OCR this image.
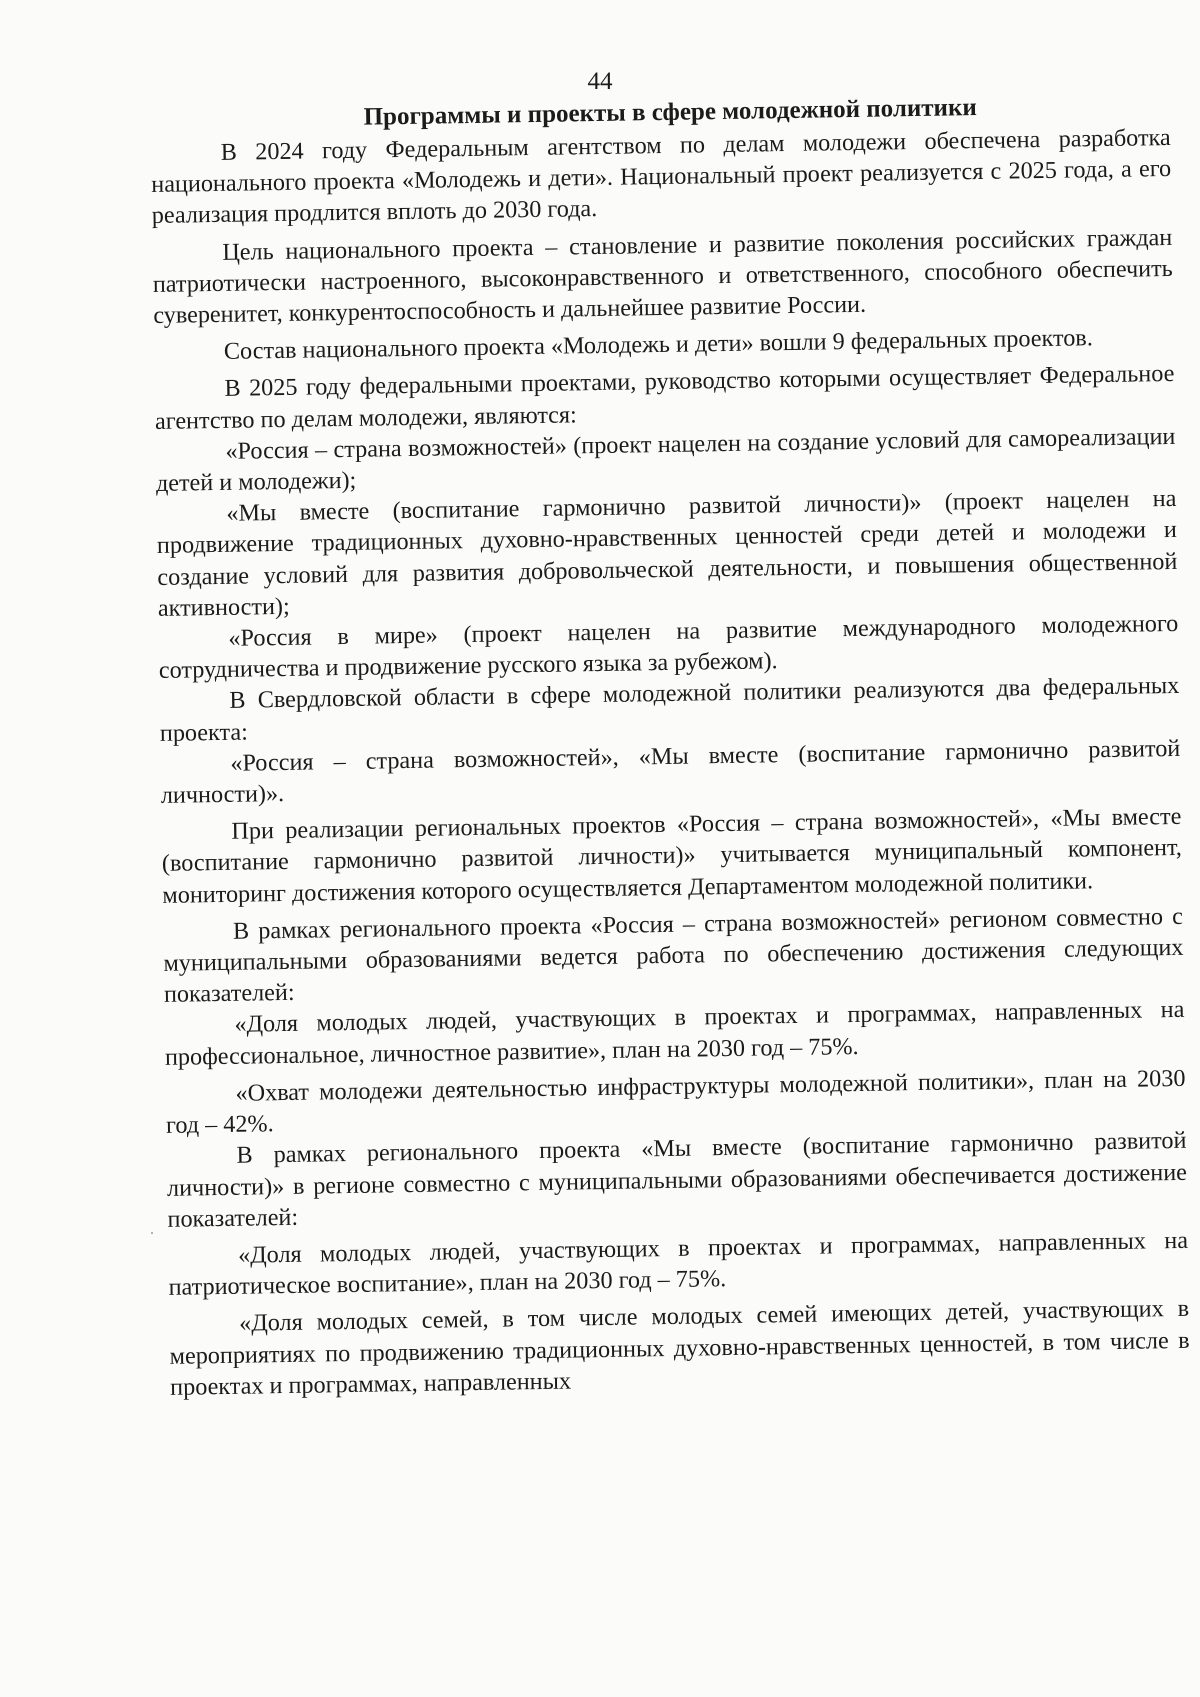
44
Программы и проекты в сфере молодежной политики

В 2024 году Федеральным агентством по делам молодежи обеспечена разработка национального проекта «Молодежь и дети». Национальный проект реализуется с 2025 года, а его реализация продлится вплоть до 2030 года.

Цель национального проекта – становление и развитие поколения российских граждан патриотически настроенного, высоконравственного и ответственного, способного обеспечить суверенитет, конкурентоспособность и дальнейшее развитие России.

Состав национального проекта «Молодежь и дети» вошли 9 федеральных проектов.

В 2025 году федеральными проектами, руководство которыми осуществляет Федеральное агентство по делам молодежи, являются:

«Россия – страна возможностей» (проект нацелен на создание условий для самореализации детей и молодежи);

«Мы вместе (воспитание гармонично развитой личности)» (проект нацелен на продвижение традиционных духовно-нравственных ценностей среди детей и молодежи и создание условий для развития добровольческой деятельности, и повышения общественной активности);

«Россия в мире» (проект нацелен на развитие международного молодежного сотрудничества и продвижение русского языка за рубежом).

В Свердловской области в сфере молодежной политики реализуются два федеральных проекта:

«Россия – страна возможностей», «Мы вместе (воспитание гармонично развитой личности)».

При реализации региональных проектов «Россия – страна возможностей», «Мы вместе (воспитание гармонично развитой личности)» учитывается муниципальный компонент, мониторинг достижения которого осуществляется Департаментом молодежной политики.

В рамках регионального проекта «Россия – страна возможностей» регионом совместно с муниципальными образованиями ведется работа по обеспечению достижения следующих показателей:

«Доля молодых людей, участвующих в проектах и программах, направленных на профессиональное, личностное развитие», план на 2030 год – 75%.

«Охват молодежи деятельностью инфраструктуры молодежной политики», план на 2030 год – 42%.

В рамках регионального проекта «Мы вместе (воспитание гармонично развитой личности)» в регионе совместно с муниципальными образованиями обеспечивается достижение показателей:

«Доля молодых людей, участвующих в проектах и программах, направленных на патриотическое воспитание», план на 2030 год – 75%.

«Доля молодых семей, в том числе молодых семей имеющих детей, участвующих в мероприятиях по продвижению традиционных духовно-нравственных ценностей, в том числе в проектах и программах, направленных
